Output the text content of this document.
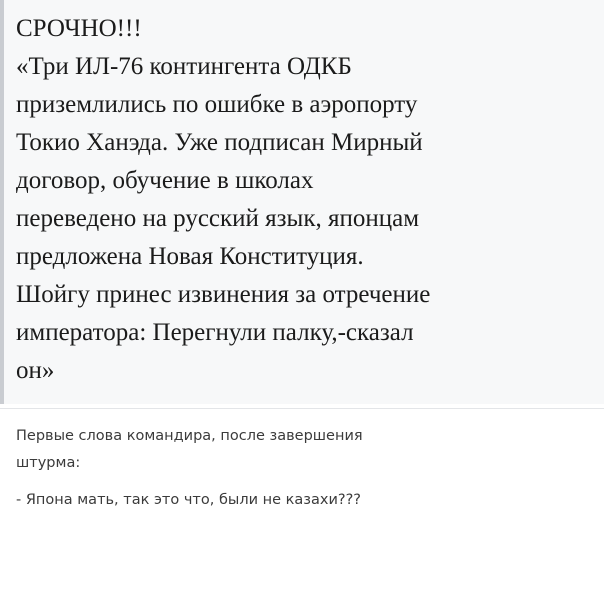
СРОЧНО!!!
«Три ИЛ-76 контингента ОДКБ
приземлились по ошибке в аэропорту
Токио Ханэда. Уже подписан Мирный
договор, обучение в школах
переведено на русский язык, японцам
предложена Новая Конституция.
Шойгу принес извинения за отречение
императора: Перегнули палку,-сказал
он»
Первые слова командира, после завершения
штурма:
- Япона мать, так это что, были не казахи???
